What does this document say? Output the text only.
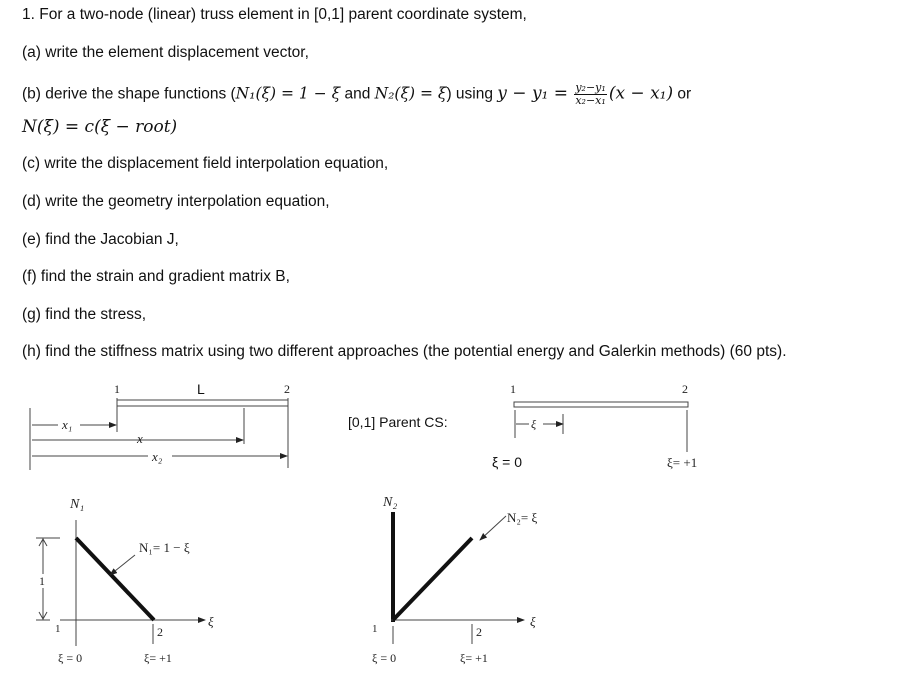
1. For a two-node (linear) truss element in [0,1] parent coordinate system,
(a) write the element displacement vector,
(b) derive the shape functions (N₁(ξ) = 1 − ξ and N₂(ξ) = ξ) using $y - y_1 = \frac{\text{y₂−y₁}}{\text{x₂−x₁}} (x - x_1)$ or
N(ξ) = c(ξ − root)
(c) write the displacement field interpolation equation,
(d) write the geometry interpolation equation,
(e) find the Jacobian J,
(f) find the strain and gradient matrix B,
(g) find the stress,
(h) find the stiffness matrix using two different approaches (the potential energy and Galerkin methods) (60 pts).
1	L	2
x₁
x
x₂
[0,1] Parent CS:
1	2
ξ
ξ = 0	ξ= +1
N₁
N₁= 1 − ξ
1
1	2
ξ
ξ = 0	ξ= +1
N₂
N₂= ξ
1	2
ξ
ξ = 0	ξ= +1
